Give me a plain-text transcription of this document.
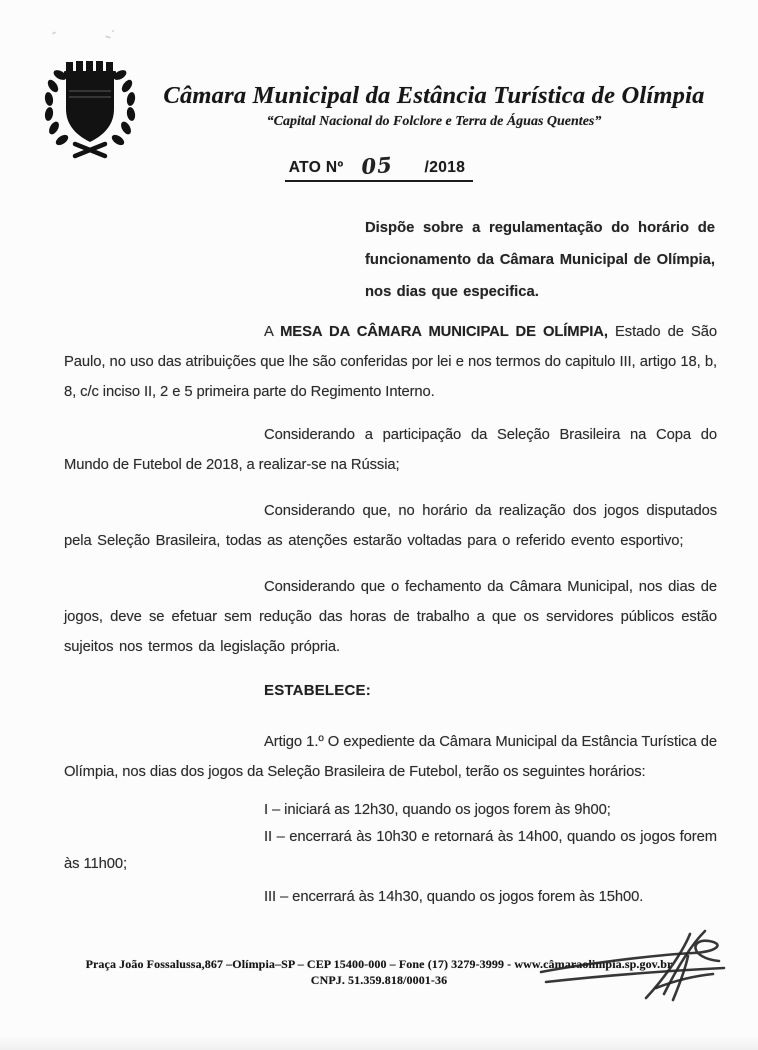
Câmara Municipal da Estância Turística de Olímpia
“Capital Nacional do Folclore e Terra de Águas Quentes”
ATO Nº 05 /2018
Dispõe sobre a regulamentação do horário de funcionamento da Câmara Municipal de Olímpia, nos dias que especifica.

A MESA DA CÂMARA MUNICIPAL DE OLÍMPIA, Estado de São Paulo, no uso das atribuições que lhe são conferidas por lei e nos termos do capitulo III, artigo 18, b, 8, c/c inciso II, 2 e 5 primeira parte do Regimento Interno.

Considerando a participação da Seleção Brasileira na Copa do Mundo de Futebol de 2018, a realizar-se na Rússia;

Considerando que, no horário da realização dos jogos disputados pela Seleção Brasileira, todas as atenções estarão voltadas para o referido evento esportivo;

Considerando que o fechamento da Câmara Municipal, nos dias de jogos, deve se efetuar sem redução das horas de trabalho a que os servidores públicos estão sujeitos nos termos da legislação própria.

ESTABELECE:

Artigo 1.º O expediente da Câmara Municipal da Estância Turística de Olímpia, nos dias dos jogos da Seleção Brasileira de Futebol, terão os seguintes horários:

I – iniciará as 12h30, quando os jogos forem às 9h00;

II – encerrará às 10h30 e retornará às 14h00, quando os jogos forem às 11h00;

III – encerrará às 14h30, quando os jogos forem às 15h00.

Praça João Fossalussa,867 –Olímpia–SP – CEP 15400-000 – Fone (17) 3279-3999 - www.câmaraolimpia.sp.gov.br
CNPJ. 51.359.818/0001-36
